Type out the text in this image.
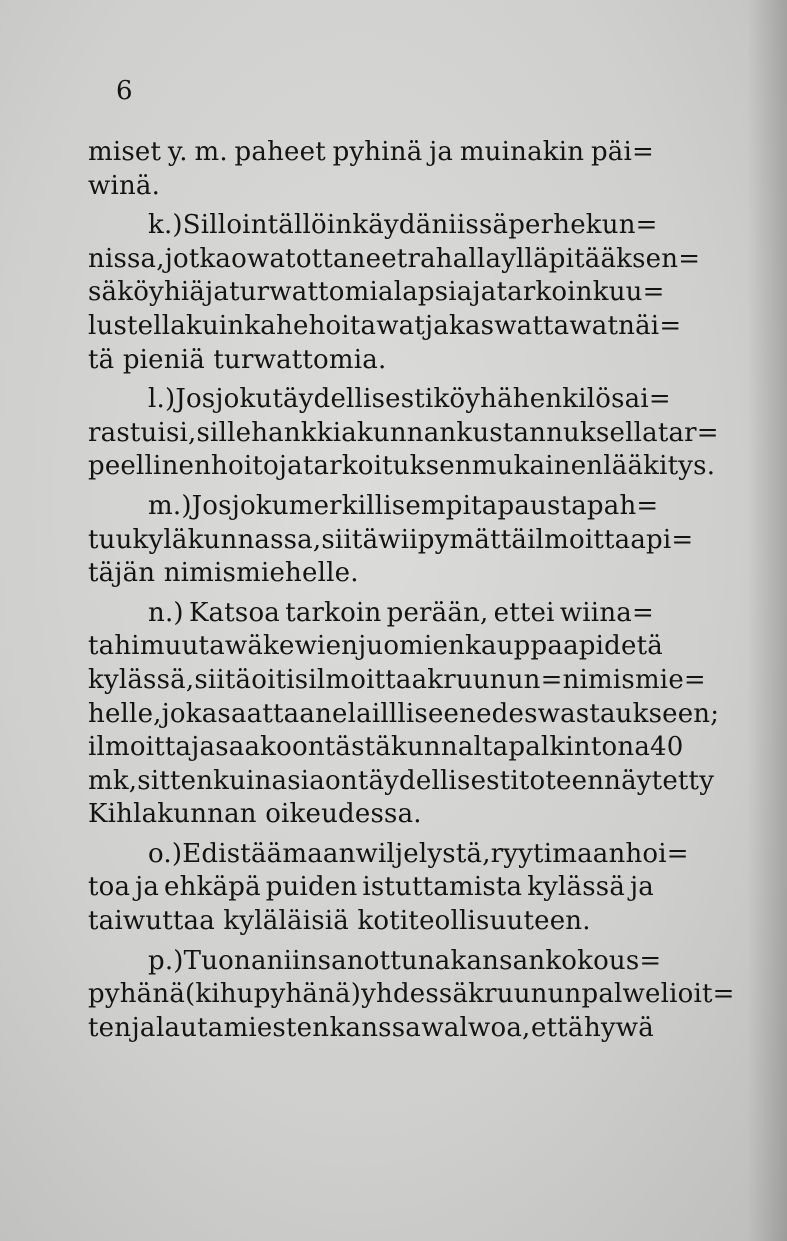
6
miset y. m. paheet pyhinä ja muinakin päi=
winä.
k.) Silloin tällöin käydä niissä perhekun=
nissa, jotka owat ottaneet rahalla ylläpitääksen=
sä köyhiä ja turwattomia lapsia ja tarkoin kuu=
lustella kuinka he hoitawat ja kaswattawat näi=
tä pieniä turwattomia.
l.) Jos joku täydellisesti köyhä henkilö sai=
rastuisi, sille hankkia kunnan kustannuksella tar=
peellinen hoito ja tarkoituksen mukainen lääkitys.
m.) Jos joku merkillisempi tapaus tapah=
tuu kyläkunnassa, siitä wiipymättä ilmoittaa pi=
täjän nimismiehelle.
n.) Katsoa tarkoin perään, ettei wiina=
tahi muuta wäkewien juomien kauppaa pidetä
kylässä, siitä oitis ilmoittaa kruunun=nimismie=
helle, joka saattaa ne laillliseen edeswastaukseen;
ilmoittaja saakoon tästä kunnalta palkintona 40
mk, sittenkuin asia on täydellisesti toteennäytetty
Kihlakunnan oikeudessa.
o.) Edistää maanwiljelystä, ryytimaan hoi=
toa ja ehkäpä puiden istuttamista kylässä ja
taiwuttaa kyläläisiä kotiteollisuuteen.
p.) Tuona niin sanottuna kansan kokous=
pyhänä (kihupyhänä) yhdessä kruunun palwelioit=
ten ja lautamiesten kanssa walwoa, että hywä
